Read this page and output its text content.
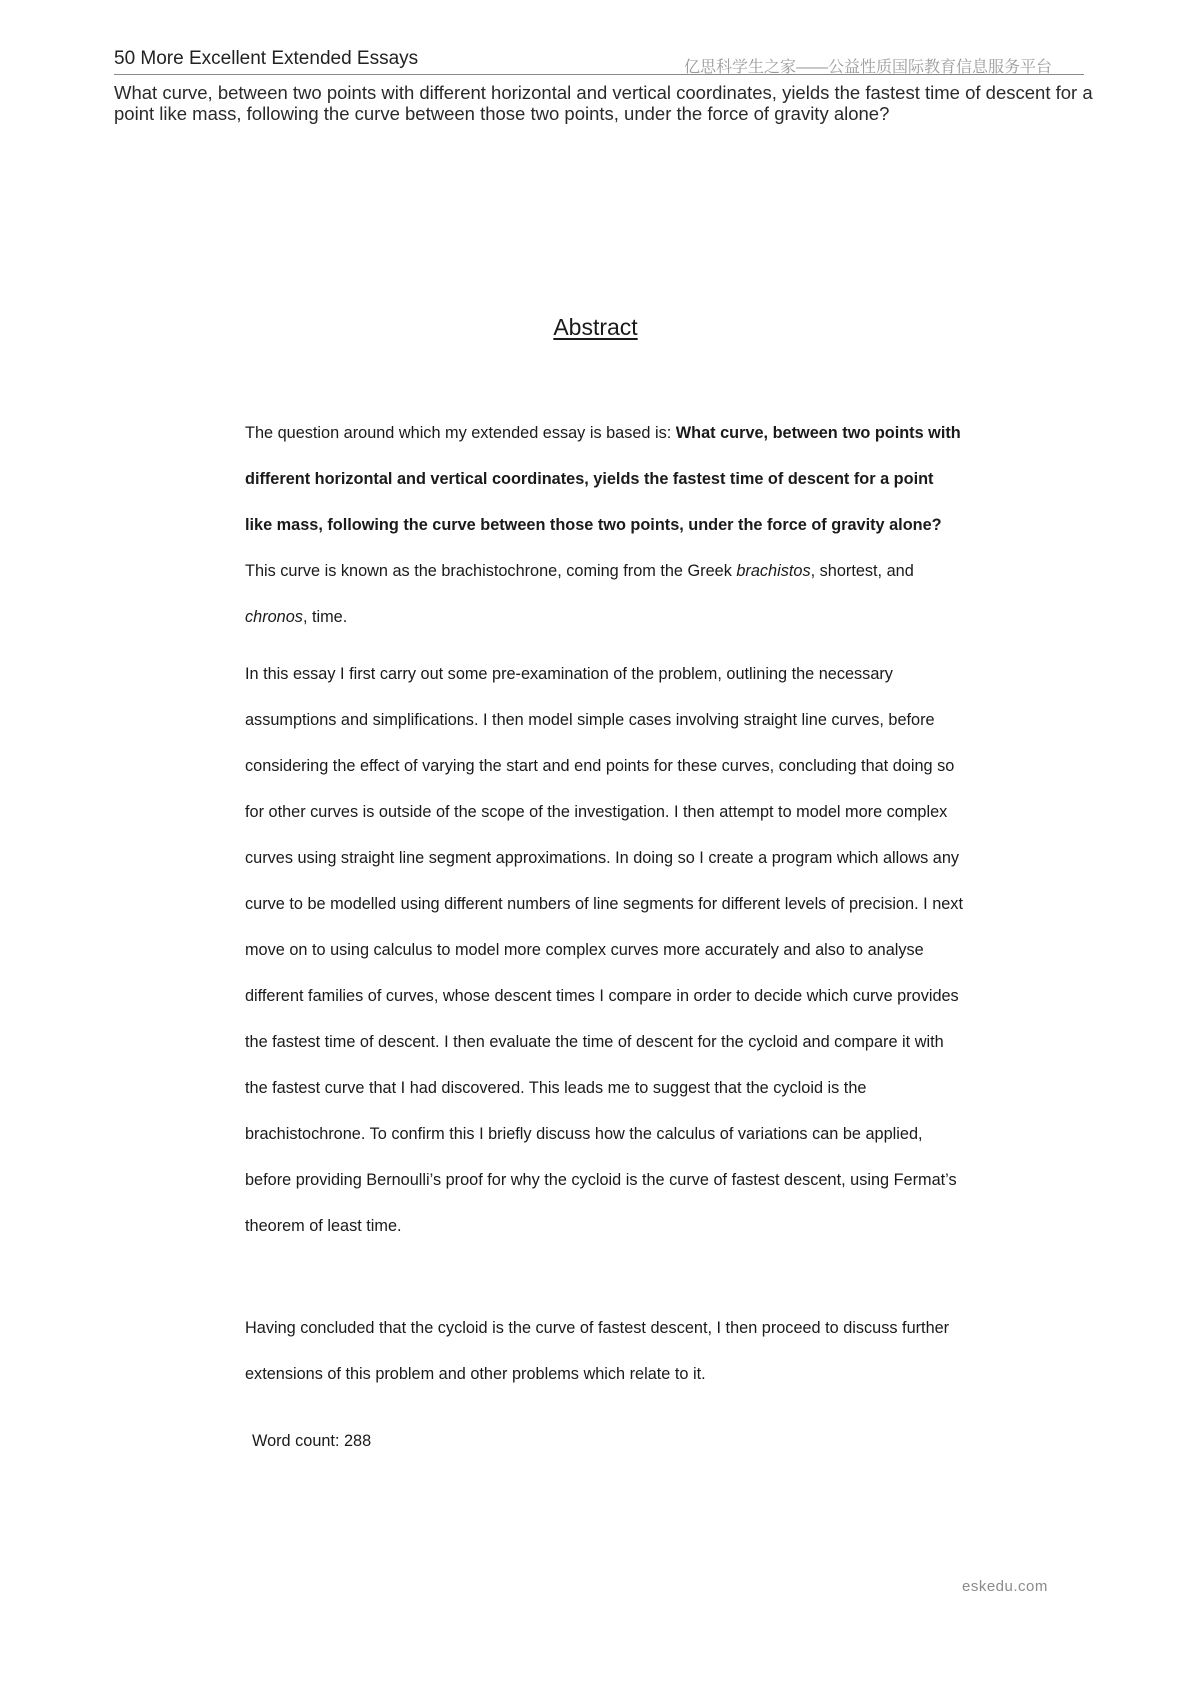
50 More Excellent Extended Essays	亿思科学生之家——公益性质国际教育信息服务平台
What curve, between two points with different horizontal and vertical coordinates, yields the fastest time of descent for a point like mass, following the curve between those two points, under the force of gravity alone?
Abstract

The question around which my extended essay is based is: What curve, between two points with different horizontal and vertical coordinates, yields the fastest time of descent for a point like mass, following the curve between those two points, under the force of gravity alone? This curve is known as the brachistochrone, coming from the Greek brachistos, shortest, and chronos, time.

In this essay I first carry out some pre-examination of the problem, outlining the necessary assumptions and simplifications. I then model simple cases involving straight line curves, before considering the effect of varying the start and end points for these curves, concluding that doing so for other curves is outside of the scope of the investigation. I then attempt to model more complex curves using straight line segment approximations. In doing so I create a program which allows any curve to be modelled using different numbers of line segments for different levels of precision. I next move on to using calculus to model more complex curves more accurately and also to analyse different families of curves, whose descent times I compare in order to decide which curve provides the fastest time of descent. I then evaluate the time of descent for the cycloid and compare it with the fastest curve that I had discovered. This leads me to suggest that the cycloid is the brachistochrone. To confirm this I briefly discuss how the calculus of variations can be applied, before providing Bernoulli’s proof for why the cycloid is the curve of fastest descent, using Fermat’s theorem of least time.

Having concluded that the cycloid is the curve of fastest descent, I then proceed to discuss further extensions of this problem and other problems which relate to it.

Word count: 288
eskedu.com
